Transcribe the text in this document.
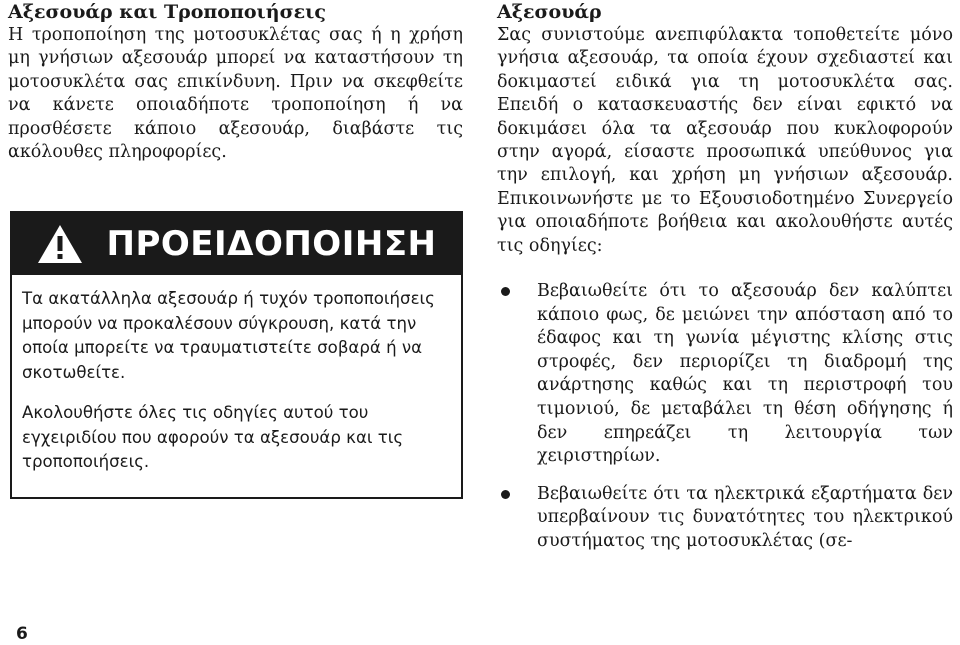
Αξεσουάρ και Τροποποιήσεις

Η τροποποίηση της μοτοσυκλέτας σας ή η χρήση μη γνήσιων αξεσουάρ μπορεί να καταστήσουν τη μοτοσυκλέτα σας επικίνδυνη. Πριν να σκεφθείτε να κάνετε οποιαδήποτε τροποποίηση ή να προσθέσετε κάποιο αξεσουάρ, διαβάστε τις ακόλουθες πληροφορίες.

ΠΡΟΕΙΔΟΠΟΙΗΣΗ

Τα ακατάλληλα αξεσουάρ ή τυχόν τροποποιήσεις μπορούν να προκαλέσουν σύγκρουση, κατά την οποία μπορείτε να τραυματιστείτε σοβαρά ή να σκοτωθείτε.

Ακολουθήστε όλες τις οδηγίες αυτού του εγχειριδίου που αφορούν τα αξεσουάρ και τις τροποποιήσεις.

6
Αξεσουάρ

Σας συνιστούμε ανεπιφύλακτα τοποθετείτε μόνο γνήσια αξεσουάρ, τα οποία έχουν σχεδιαστεί και δοκιμαστεί ειδικά για τη μοτοσυκλέτα σας. Επειδή ο κατασκευαστής δεν είναι εφικτό να δοκιμάσει όλα τα αξεσουάρ που κυκλοφορούν στην αγορά, είσαστε προσωπικά υπεύθυνος για την επιλογή, και χρήση μη γνήσιων αξεσουάρ. Επικοινωνήστε με το Εξουσιοδοτημένο Συνεργείο για οποιαδήποτε βοήθεια και ακολουθήστε αυτές τις οδηγίες:

Βεβαιωθείτε ότι το αξεσουάρ δεν καλύπτει κάποιο φως, δε μειώνει την απόσταση από το έδαφος και τη γωνία μέγιστης κλίσης στις στροφές, δεν περιορίζει τη διαδρομή της ανάρτησης καθώς και τη περιστροφή του τιμονιού, δε μεταβάλει τη θέση οδήγησης ή δεν επηρεάζει τη λειτουργία των χειριστηρίων.

Βεβαιωθείτε ότι τα ηλεκτρικά εξαρτήματα δεν υπερβαίνουν τις δυνατότητες του ηλεκτρικού συστήματος της μοτοσυκλέτας (σε-
